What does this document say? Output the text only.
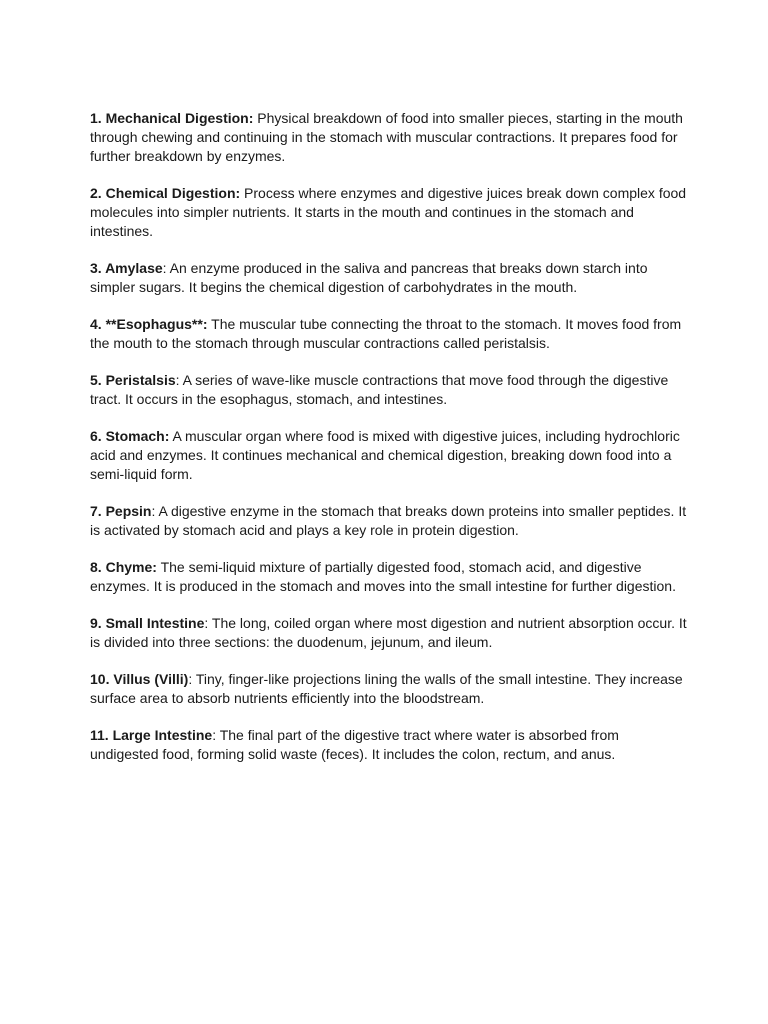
1. Mechanical Digestion: Physical breakdown of food into smaller pieces, starting in the mouth through chewing and continuing in the stomach with muscular contractions. It prepares food for further breakdown by enzymes.

2. Chemical Digestion: Process where enzymes and digestive juices break down complex food molecules into simpler nutrients. It starts in the mouth and continues in the stomach and intestines.

3. Amylase: An enzyme produced in the saliva and pancreas that breaks down starch into simpler sugars. It begins the chemical digestion of carbohydrates in the mouth.

4. **Esophagus**: The muscular tube connecting the throat to the stomach. It moves food from the mouth to the stomach through muscular contractions called peristalsis.

5. Peristalsis: A series of wave-like muscle contractions that move food through the digestive tract. It occurs in the esophagus, stomach, and intestines.

6. Stomach: A muscular organ where food is mixed with digestive juices, including hydrochloric acid and enzymes. It continues mechanical and chemical digestion, breaking down food into a semi-liquid form.

7. Pepsin: A digestive enzyme in the stomach that breaks down proteins into smaller peptides. It is activated by stomach acid and plays a key role in protein digestion.

8. Chyme: The semi-liquid mixture of partially digested food, stomach acid, and digestive enzymes. It is produced in the stomach and moves into the small intestine for further digestion.

9. Small Intestine: The long, coiled organ where most digestion and nutrient absorption occur. It is divided into three sections: the duodenum, jejunum, and ileum.

10. Villus (Villi): Tiny, finger-like projections lining the walls of the small intestine. They increase surface area to absorb nutrients efficiently into the bloodstream.

11. Large Intestine: The final part of the digestive tract where water is absorbed from undigested food, forming solid waste (feces). It includes the colon, rectum, and anus.
